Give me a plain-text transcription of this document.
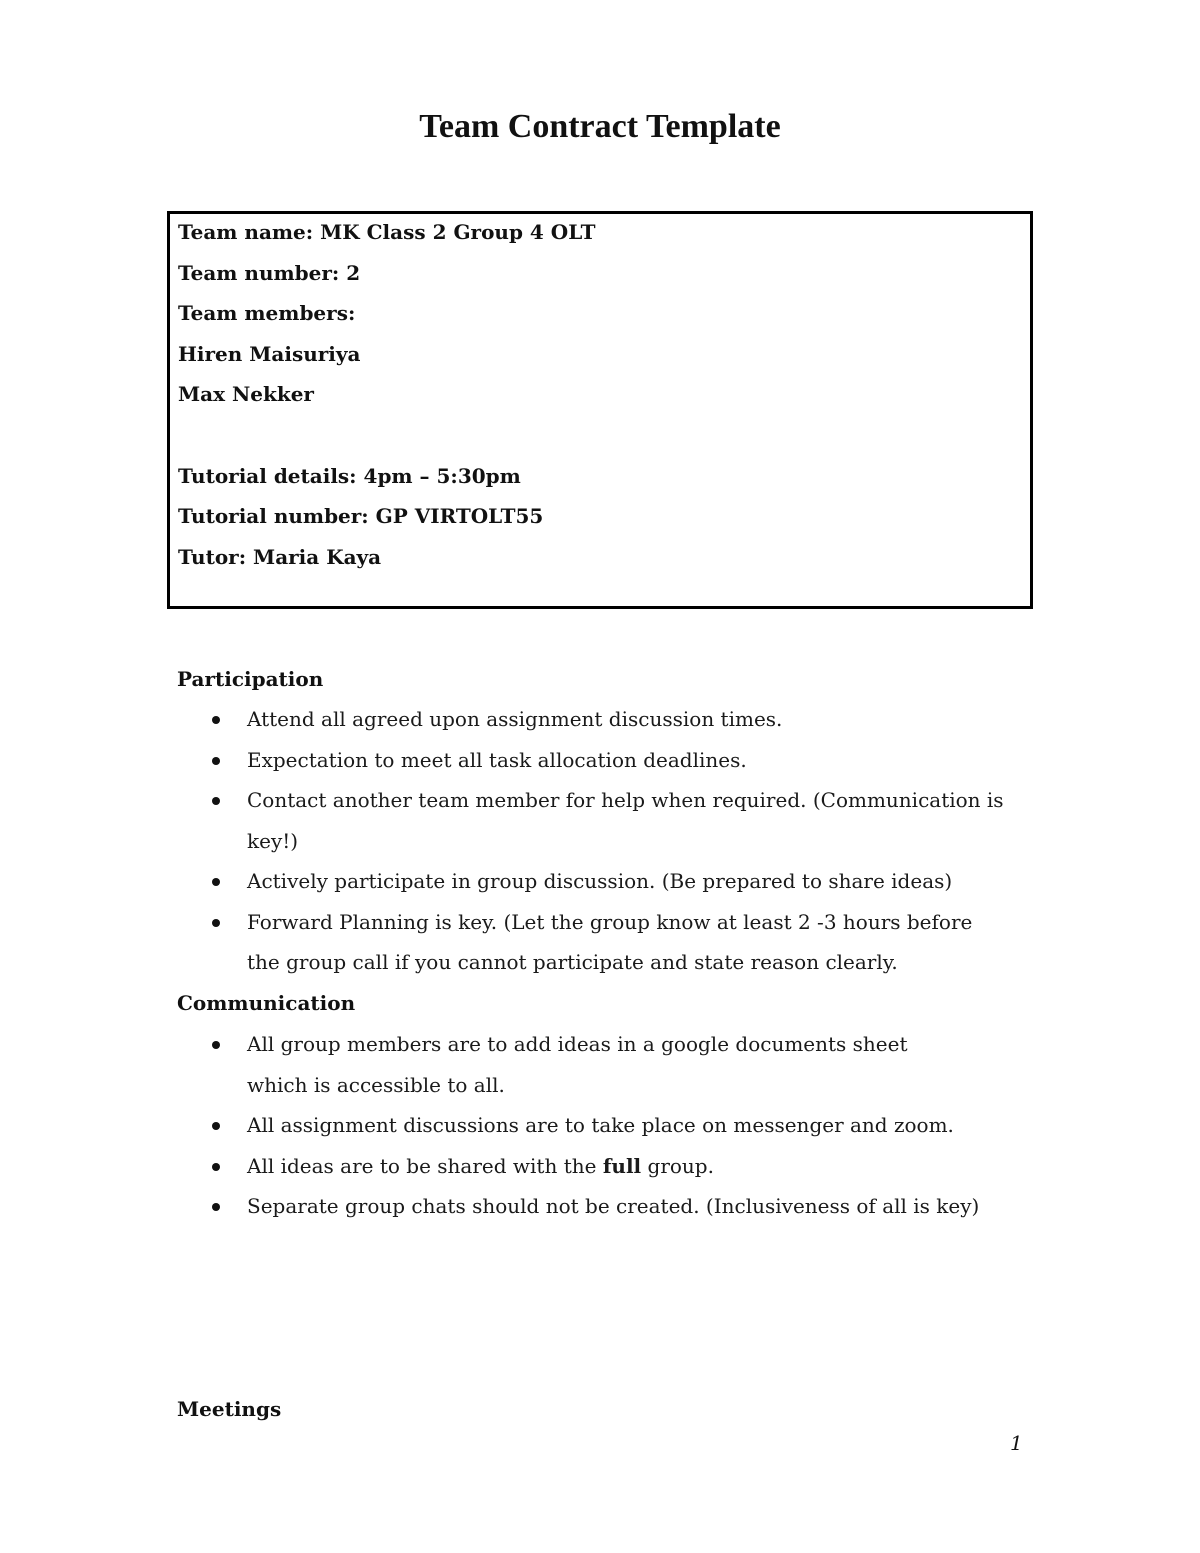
Team Contract Template
Team name: MK Class 2 Group 4 OLT
Team number: 2
Team members:
Hiren Maisuriya
Max Nekker
Tutorial details: 4pm – 5:30pm
Tutorial number: GP VIRTOLT55
Tutor: Maria Kaya
Participation
Attend all agreed upon assignment discussion times.
Expectation to meet all task allocation deadlines.
Contact another team member for help when required. (Communication is key!)
Actively participate in group discussion. (Be prepared to share ideas)
Forward Planning is key. (Let the group know at least 2 -3 hours before the group call if you cannot participate and state reason clearly.
Communication
All group members are to add ideas in a google documents sheet which is accessible to all.
All assignment discussions are to take place on messenger and zoom.
All ideas are to be shared with the full group.
Separate group chats should not be created. (Inclusiveness of all is key)
Meetings
1
